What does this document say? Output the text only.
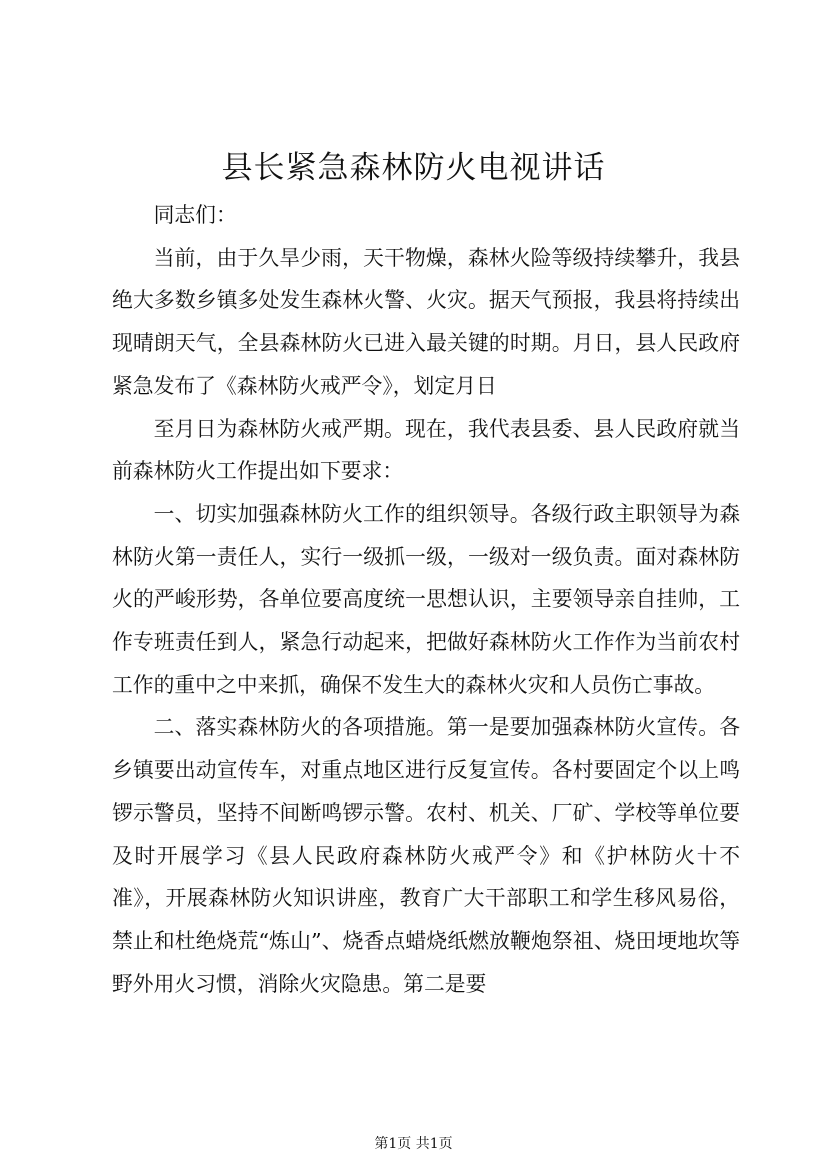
县长紧急森林防火电视讲话

同志们：

当前，由于久旱少雨，天干物燥，森林火险等级持续攀升，我县绝大多数乡镇多处发生森林火警、火灾。据天气预报，我县将持续出现晴朗天气，全县森林防火已进入最关键的时期。月日，县人民政府紧急发布了《森林防火戒严令》，划定月日

至月日为森林防火戒严期。现在，我代表县委、县人民政府就当前森林防火工作提出如下要求：

一、切实加强森林防火工作的组织领导。各级行政主职领导为森林防火第一责任人，实行一级抓一级，一级对一级负责。面对森林防火的严峻形势，各单位要高度统一思想认识，主要领导亲自挂帅，工作专班责任到人，紧急行动起来，把做好森林防火工作作为当前农村工作的重中之中来抓，确保不发生大的森林火灾和人员伤亡事故。

二、落实森林防火的各项措施。第一是要加强森林防火宣传。各乡镇要出动宣传车，对重点地区进行反复宣传。各村要固定个以上鸣锣示警员，坚持不间断鸣锣示警。农村、机关、厂矿、学校等单位要及时开展学习《县人民政府森林防火戒严令》和《护林防火十不准》，开展森林防火知识讲座，教育广大干部职工和学生移风易俗，禁止和杜绝烧荒“炼山”、烧香点蜡烧纸燃放鞭炮祭祖、烧田埂地坎等野外用火习惯，消除火灾隐患。第二是要

第1页 共1页
